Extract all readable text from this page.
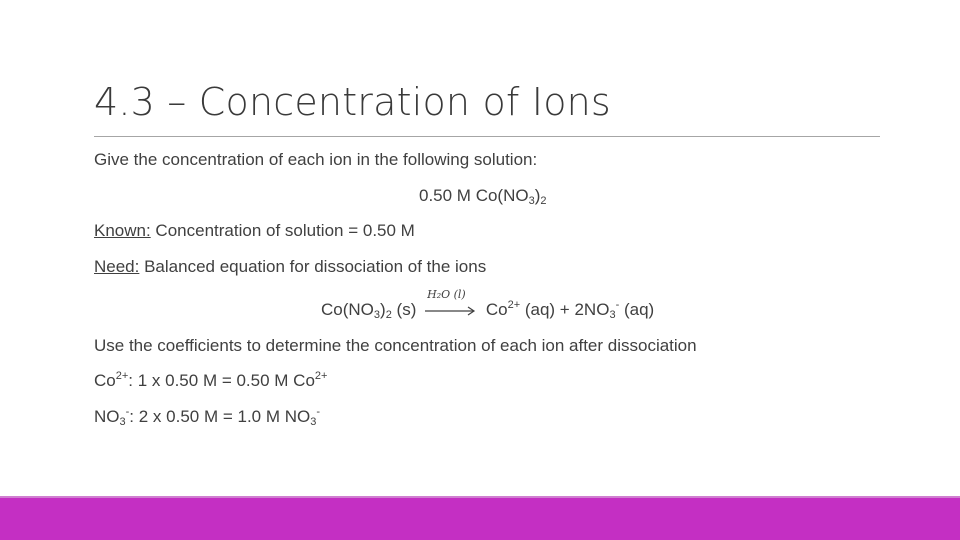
4.3 – Concentration of Ions
Give the concentration of each ion in the following solution:
0.50 M $Co(NO_3)_2$
Known: Concentration of solution = 0.50 M
Need: Balanced equation for dissociation of the ions
$Co(NO_3)_2$ (s)
H₂O (l)
$Co^{2+}$ $(aq) + 2NO_3^-$ (aq)
Use the coefficients to determine the concentration of each ion after dissociation
$Co^{2+}$: 1 x 0.50 M = 0.50 M $Co^{2+}$
$NO_3^-$: 2 x 0.50 M = 1.0 M $NO_3^-$
